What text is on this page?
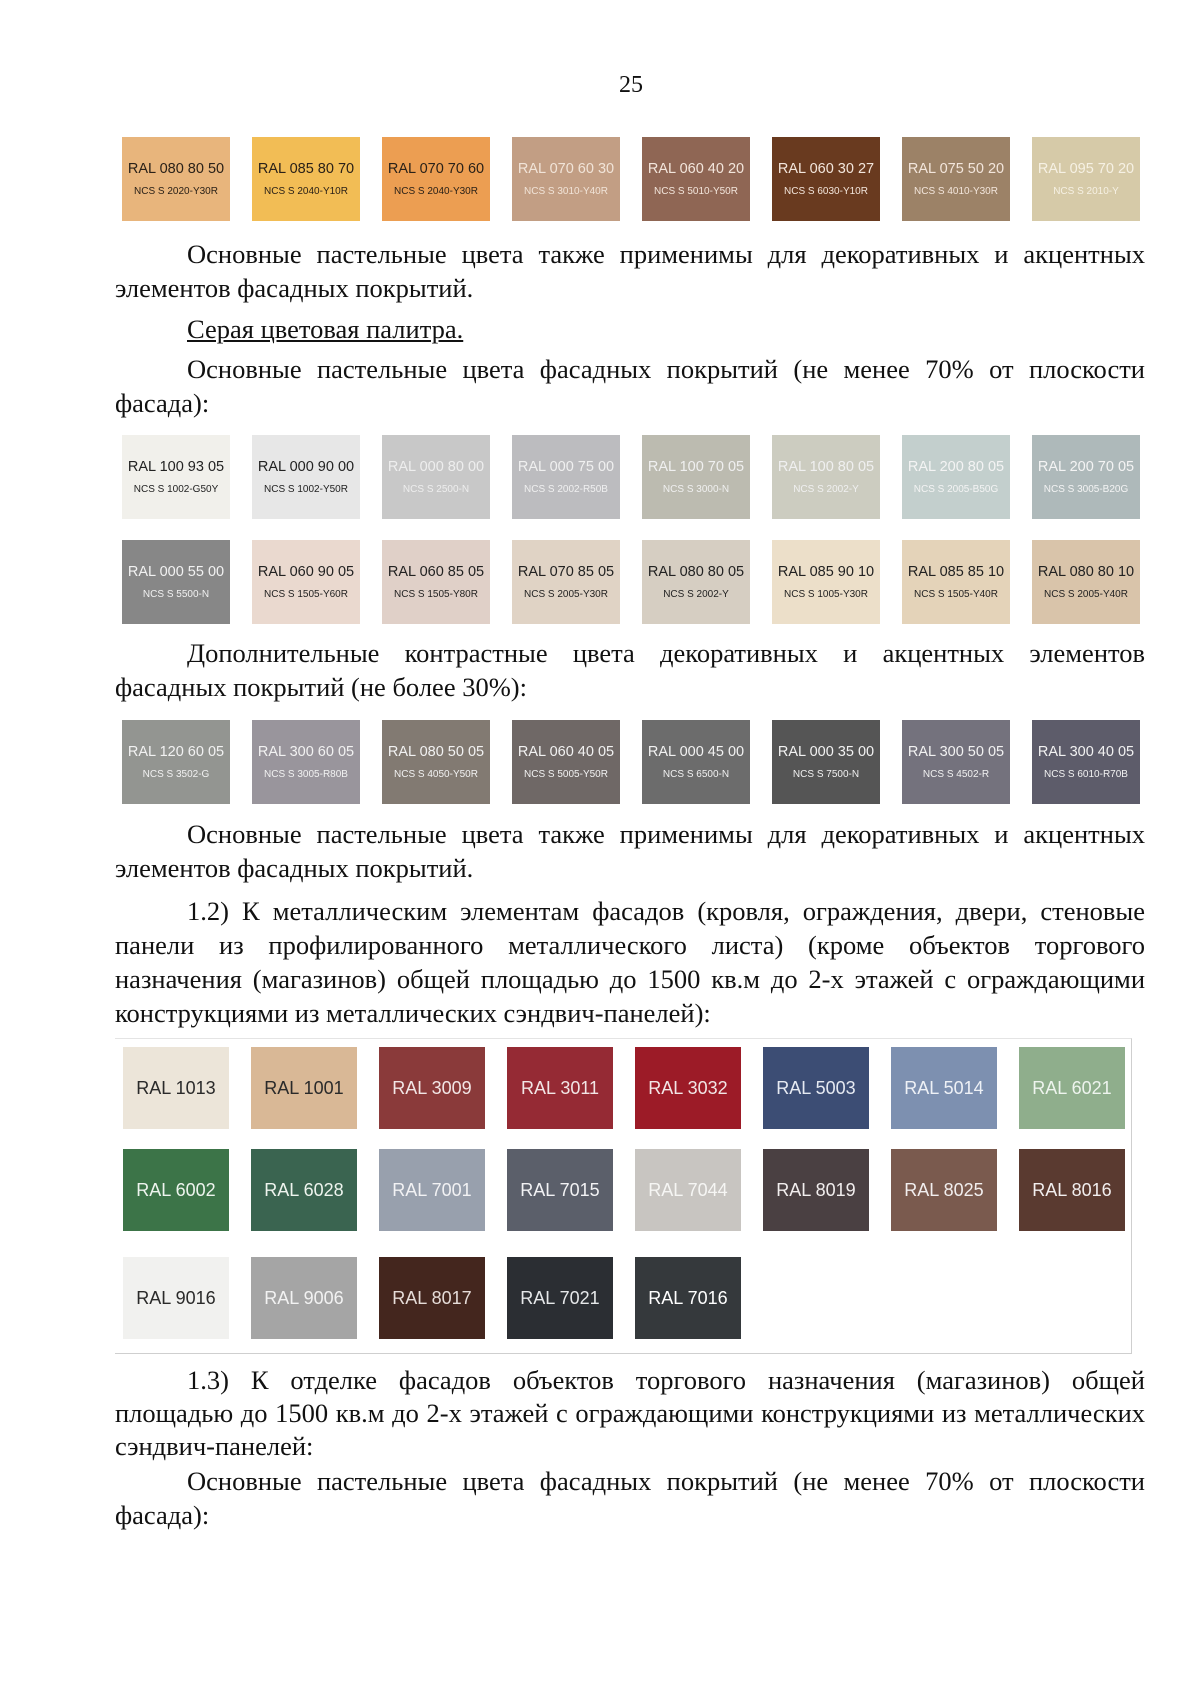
25
RAL 080 80 50
NCS S 2020-Y30R
RAL 085 80 70
NCS S 2040-Y10R
RAL 070 70 60
NCS S 2040-Y30R
RAL 070 60 30
NCS S 3010-Y40R
RAL 060 40 20
NCS S 5010-Y50R
RAL 060 30 27
NCS S 6030-Y10R
RAL 075 50 20
NCS S 4010-Y30R
RAL 095 70 20
NCS S 2010-Y

Основные пастельные цвета также применимы для декоративных и акцентных элементов фасадных покрытий.

Серая цветовая палитра.

Основные пастельные цвета фасадных покрытий (не менее 70% от плоскости фасада):

RAL 100 93 05
NCS S 1002-G50Y
RAL 000 90 00
NCS S 1002-Y50R
RAL 000 80 00
NCS S 2500-N
RAL 000 75 00
NCS S 2002-R50B
RAL 100 70 05
NCS S 3000-N
RAL 100 80 05
NCS S 2002-Y
RAL 200 80 05
NCS S 2005-B50G
RAL 200 70 05
NCS S 3005-B20G
RAL 000 55 00
NCS S 5500-N
RAL 060 90 05
NCS S 1505-Y60R
RAL 060 85 05
NCS S 1505-Y80R
RAL 070 85 05
NCS S 2005-Y30R
RAL 080 80 05
NCS S 2002-Y
RAL 085 90 10
NCS S 1005-Y30R
RAL 085 85 10
NCS S 1505-Y40R
RAL 080 80 10
NCS S 2005-Y40R

Дополнительные контрастные цвета декоративных и акцентных элементов фасадных покрытий (не более 30%):

RAL 120 60 05
NCS S 3502-G
RAL 300 60 05
NCS S 3005-R80B
RAL 080 50 05
NCS S 4050-Y50R
RAL 060 40 05
NCS S 5005-Y50R
RAL 000 45 00
NCS S 6500-N
RAL 000 35 00
NCS S 7500-N
RAL 300 50 05
NCS S 4502-R
RAL 300 40 05
NCS S 6010-R70B

Основные пастельные цвета также применимы для декоративных и акцентных элементов фасадных покрытий.

1.2) К металлическим элементам фасадов (кровля, ограждения, двери, стеновые панели из профилированного металлического листа) (кроме объектов торгового назначения (магазинов) общей площадью до 1500 кв.м до 2-х этажей с ограждающими конструкциями из металлических сэндвич-панелей):

RAL 1013	RAL 1001	RAL 3009	RAL 3011	RAL 3032	RAL 5003	RAL 5014	RAL 6021
RAL 6002	RAL 6028	RAL 7001	RAL 7015	RAL 7044	RAL 8019	RAL 8025	RAL 8016
RAL 9016	RAL 9006	RAL 8017	RAL 7021	RAL 7016

1.3) К отделке фасадов объектов торгового назначения (магазинов) общей площадью до 1500 кв.м до 2-х этажей с ограждающими конструкциями из металлических сэндвич-панелей:

Основные пастельные цвета фасадных покрытий (не менее 70% от плоскости фасада):
